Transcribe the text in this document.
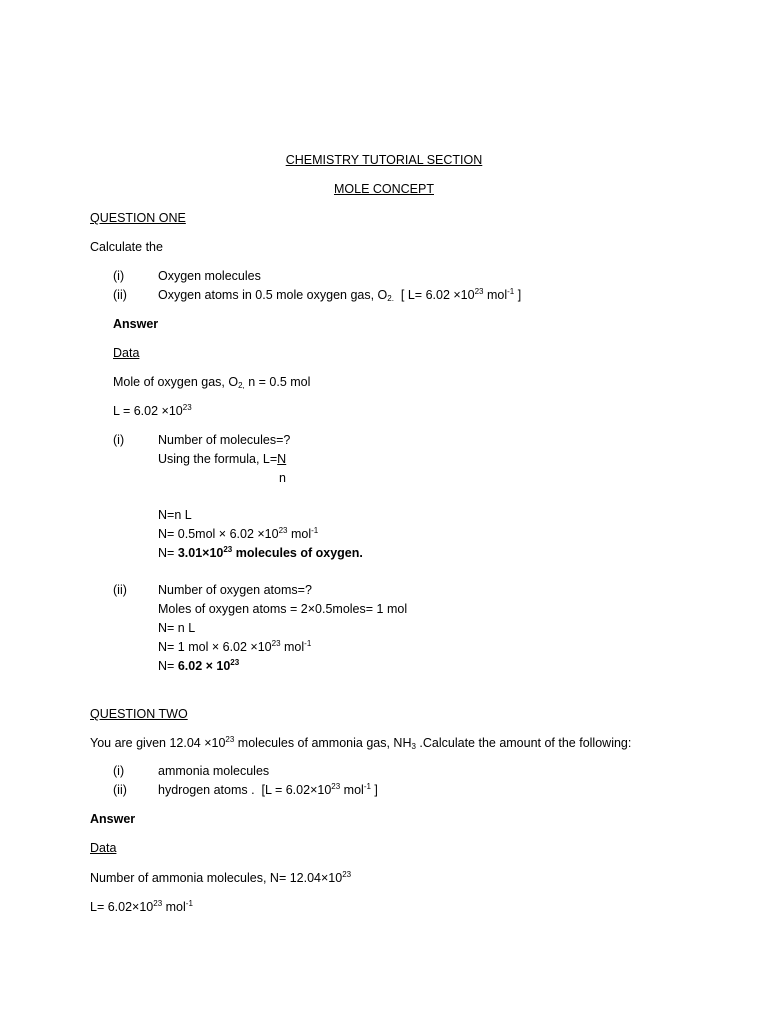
CHEMISTRY TUTORIAL SECTION
MOLE CONCEPT
QUESTION ONE
Calculate the
(i)	Oxygen molecules
(ii) Oxygen atoms in 0.5 mole oxygen gas, $O_{2.}$  [ $L= 6.02 \times 10^{23}$ mol$^{-1}$ ]
Answer
Data
Mole of oxygen gas, $O_{2,}$ n = 0.5 mol
$L = 6.02 \times 10^{23}$
(i)	Number of molecules=?
Using the formula, L=N
n
N=n L
$N= 0.5mol \times 6.02 \times 10^{23}$ mol$^{-1}$
$N= 3.01\times 10^{23}$ molecules of oxygen.
(ii) Number of oxygen atoms=?
Moles of oxygen atoms = 2×0.5moles= 1 mol
N= n L
N= 1 mol × $6.02 \times 10^{23}$ mol$^{-1}$
$N= 6.02 \times 10^{23}$
QUESTION TWO
You are given $12.04 \times 10^{23}$ molecules of ammonia gas, $NH_3$ .Calculate the amount of the following:
(i)	ammonia molecules
(ii) hydrogen atoms .  [$L = 6.02\times 10^{23}$ mol$^{-1}$ ]
Answer
Data
Number of ammonia molecules, $N= 12.04\times 10^{23}$
$L= 6.02\times 10^{23}$ mol$^{-1}$
